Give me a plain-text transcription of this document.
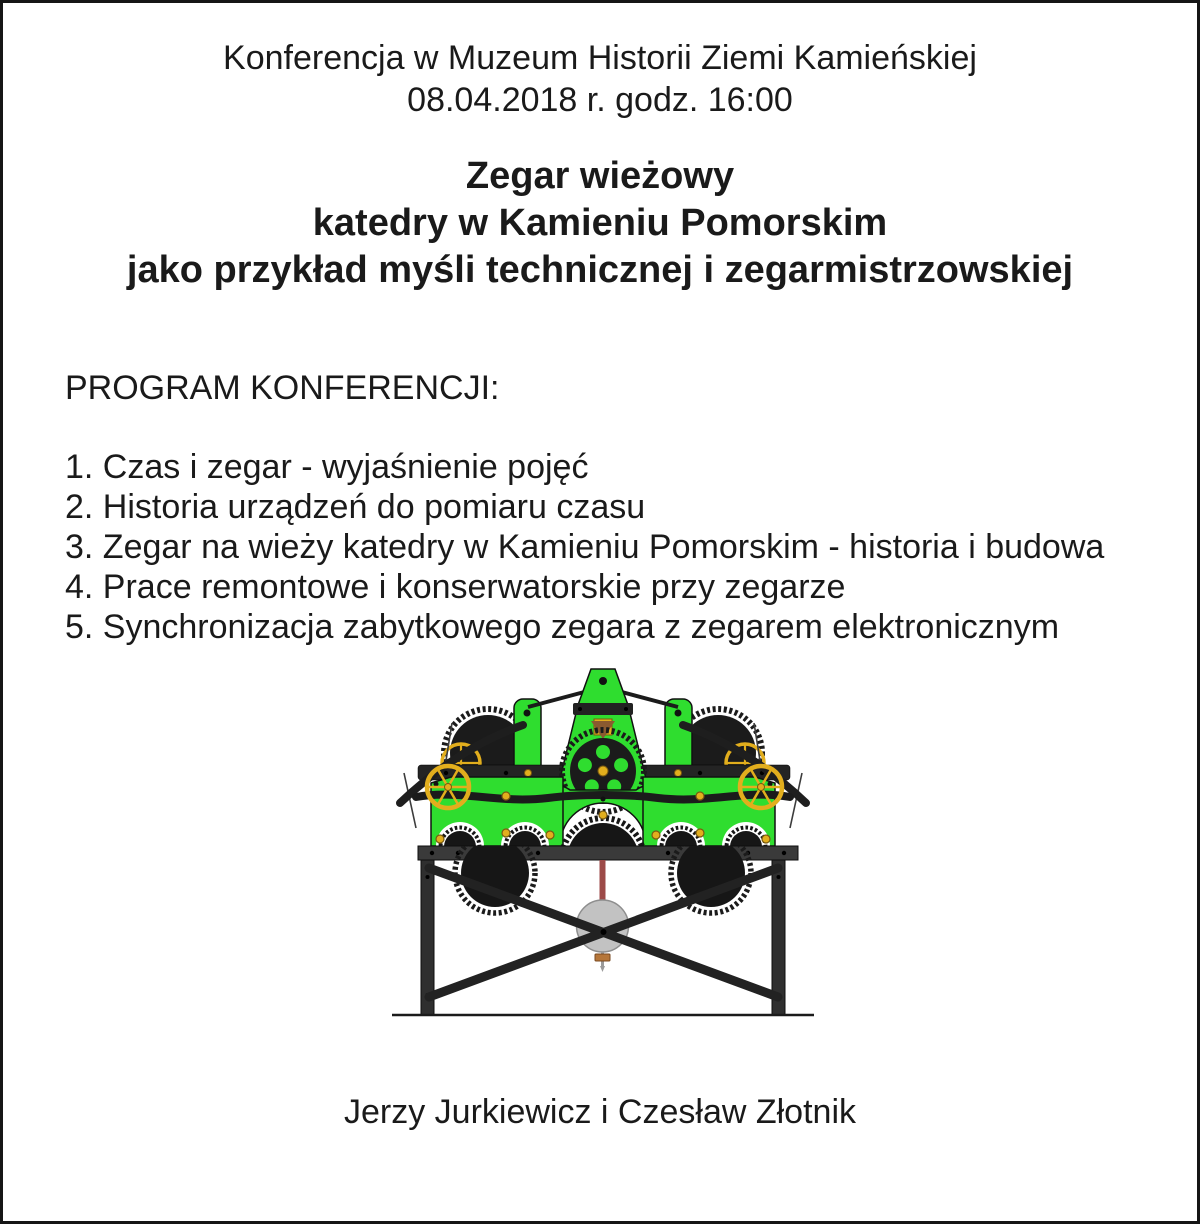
Konferencja w Muzeum Historii Ziemi Kamieńskiej
08.04.2018 r. godz. 16:00
Zegar wieżowy
katedry w Kamieniu Pomorskim
jako przykład myśli technicznej i zegarmistrzowskiej
PROGRAM KONFERENCJI:
1. Czas i zegar - wyjaśnienie pojęć
2. Historia urządzeń do pomiaru czasu
3. Zegar na wieży katedry w Kamieniu Pomorskim - historia i budowa
4. Prace remontowe i konserwatorskie przy zegarze
5. Synchronizacja zabytkowego zegara z zegarem elektronicznym
Jerzy Jurkiewicz i Czesław Złotnik
